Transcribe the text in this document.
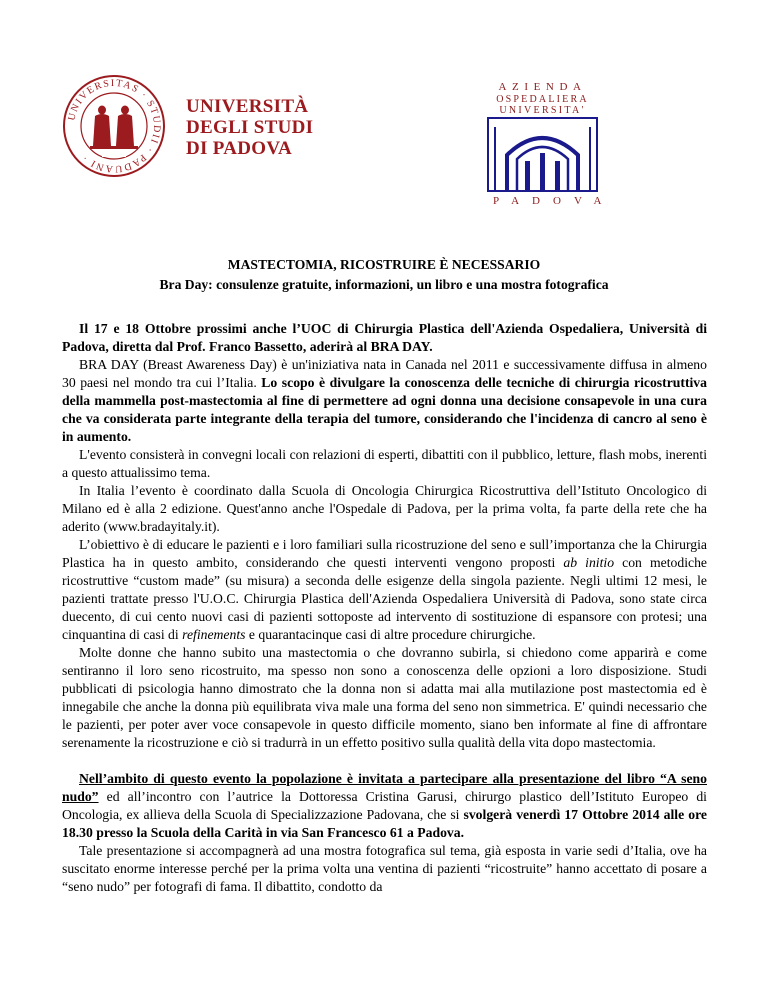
UNIVERSITAS · STUDII · PADUANI ·
UNIVERSITÀ
DEGLI STUDI
DI PADOVA
AZIENDA
OSPEDALIERA
UNIVERSITA'
PADOVA
MASTECTOMIA, RICOSTRUIRE È NECESSARIO
Bra Day: consulenze gratuite, informazioni, un libro e una mostra fotografica

Il 17 e 18 Ottobre prossimi anche l’UOC di Chirurgia Plastica dell'Azienda Ospedaliera, Università di Padova, diretta dal Prof. Franco Bassetto, aderirà al BRA DAY.

BRA DAY (Breast Awareness Day) è un'iniziativa nata in Canada nel 2011 e successivamente diffusa in almeno 30 paesi nel mondo tra cui l’Italia. Lo scopo è divulgare la conoscenza delle tecniche di chirurgia ricostruttiva della mammella post-mastectomia al fine di permettere ad ogni donna una decisione consapevole in una cura che va considerata parte integrante della terapia del tumore, considerando che l'incidenza di cancro al seno è in aumento.

L'evento consisterà in convegni locali con relazioni di esperti, dibattiti con il pubblico, letture, flash mobs, inerenti a questo attualissimo tema.

In Italia l’evento è coordinato dalla Scuola di Oncologia Chirurgica Ricostruttiva dell’Istituto Oncologico di Milano ed è alla 2 edizione. Quest'anno anche l'Ospedale di Padova, per la prima volta, fa parte della rete che ha aderito (www.bradayitaly.it).

L’obiettivo è di educare le pazienti e i loro familiari sulla ricostruzione del seno e sull’importanza che la Chirurgia Plastica ha in questo ambito, considerando che questi interventi vengono proposti ab initio con metodiche ricostruttive “custom made” (su misura) a seconda delle esigenze della singola paziente. Negli ultimi 12 mesi, le pazienti trattate presso l'U.O.C. Chirurgia Plastica dell'Azienda Ospedaliera Università di Padova, sono state circa duecento, di cui cento nuovi casi di pazienti sottoposte ad intervento di sostituzione di espansore con protesi; una cinquantina di casi di refinements e quarantacinque casi di altre procedure chirurgiche.

Molte donne che hanno subito una mastectomia o che dovranno subirla, si chiedono come apparirà e come sentiranno il loro seno ricostruito, ma spesso non sono a conoscenza delle opzioni a loro disposizione. Studi pubblicati di psicologia hanno dimostrato che la donna non si adatta mai alla mutilazione post mastectomia ed è innegabile che anche la donna più equilibrata viva male una forma del seno non simmetrica. E' quindi necessario che le pazienti, per poter aver voce consapevole in questo difficile momento, siano ben informate al fine di affrontare serenamente la ricostruzione e ciò si tradurrà in un effetto positivo sulla qualità della vita dopo mastectomia.

Nell’ambito di questo evento la popolazione è invitata a partecipare alla presentazione del libro “A seno nudo” ed all’incontro con l’autrice la Dottoressa Cristina Garusi, chirurgo plastico dell’Istituto Europeo di Oncologia, ex allieva della Scuola di Specializzazione Padovana, che si svolgerà venerdì 17 Ottobre 2014 alle ore 18.30 presso la Scuola della Carità in via San Francesco 61 a Padova.

Tale presentazione si accompagnerà ad una mostra fotografica sul tema, già esposta in varie sedi d’Italia, ove ha suscitato enorme interesse perché per la prima volta una ventina di pazienti “ricostruite” hanno accettato di posare a “seno nudo” per fotografi di fama. Il dibattito, condotto da
